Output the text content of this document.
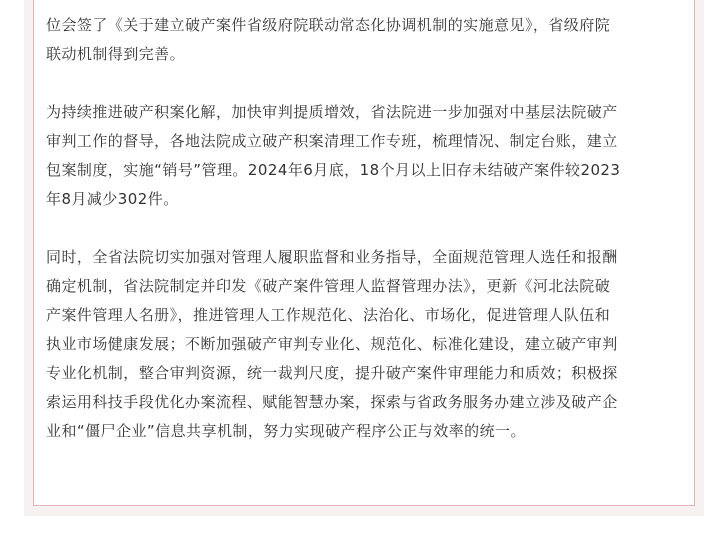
位会签了《关于建立破产案件省级府院联动常态化协调机制的实施意见》，省级府院
联动机制得到完善。
为持续推进破产积案化解，加快审判提质增效，省法院进一步加强对中基层法院破产
审判工作的督导，各地法院成立破产积案清理工作专班，梳理情况、制定台账，建立
包案制度，实施“销号”管理。2024年6月底，18个月以上旧存未结破产案件较2023
年8月减少302件。
同时，全省法院切实加强对管理人履职监督和业务指导，全面规范管理人选任和报酬
确定机制，省法院制定并印发《破产案件管理人监督管理办法》，更新《河北法院破
产案件管理人名册》，推进管理人工作规范化、法治化、市场化，促进管理人队伍和
执业市场健康发展；不断加强破产审判专业化、规范化、标准化建设，建立破产审判
专业化机制，整合审判资源，统一裁判尺度，提升破产案件审理能力和质效；积极探
索运用科技手段优化办案流程、赋能智慧办案，探索与省政务服务办建立涉及破产企
业和“僵尸企业”信息共享机制，努力实现破产程序公正与效率的统一。
